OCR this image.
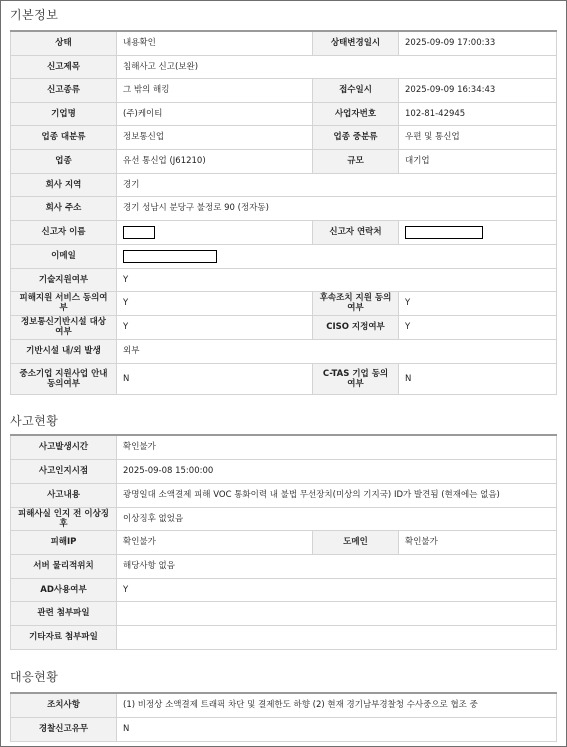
기본정보
상태	내용확인	상태변경일시	2025-09-09 17:00:33
신고제목	침해사고 신고(보완)		
신고종류	그 밖의 해킹	접수일시	2025-09-09 16:34:43
기업명	(주)케이티	사업자번호	102-81-42945
업종 대분류	정보통신업	업종 중분류	우편 및 통신업
업종	유선 통신업 (J61210)	규모	대기업
회사 지역	경기		
회사 주소	경기 성남시 분당구 불정로 90 (정자동)		
신고자 이름		신고자 연락처	
이메일			
기술지원여부	Y		
피해지원 서비스 동의여부	Y	후속조치 지원 동의여부	Y
정보통신기반시설 대상여부	Y	CISO 지정여부	Y
기반시설 내/외 발생	외부		
중소기업 지원사업 안내 동의여부	N	C-TAS 기업 동의여부	N
사고현황
사고발생시간	확인불가		
사고인지시점	2025-09-08 15:00:00		
사고내용	광명일대 소액결제 피해 VOC 통화이력 내 불법 무선장치(미상의 기지국) ID가 발견됨 (현재에는 없음)		
피해사실 인지 전 이상징후	이상징후 없었음		
피해IP	확인불가	도메인	확인불가
서버 물리적위치	해당사항 없음		
AD사용여부	Y		
관련 첨부파일			
기타자료 첨부파일			
대응현황
조치사항	(1) 비정상 소액결제 트래픽 차단 및 결제한도 하향 (2) 현재 경기남부경찰청 수사중으로 협조 중
경찰신고유무	N
